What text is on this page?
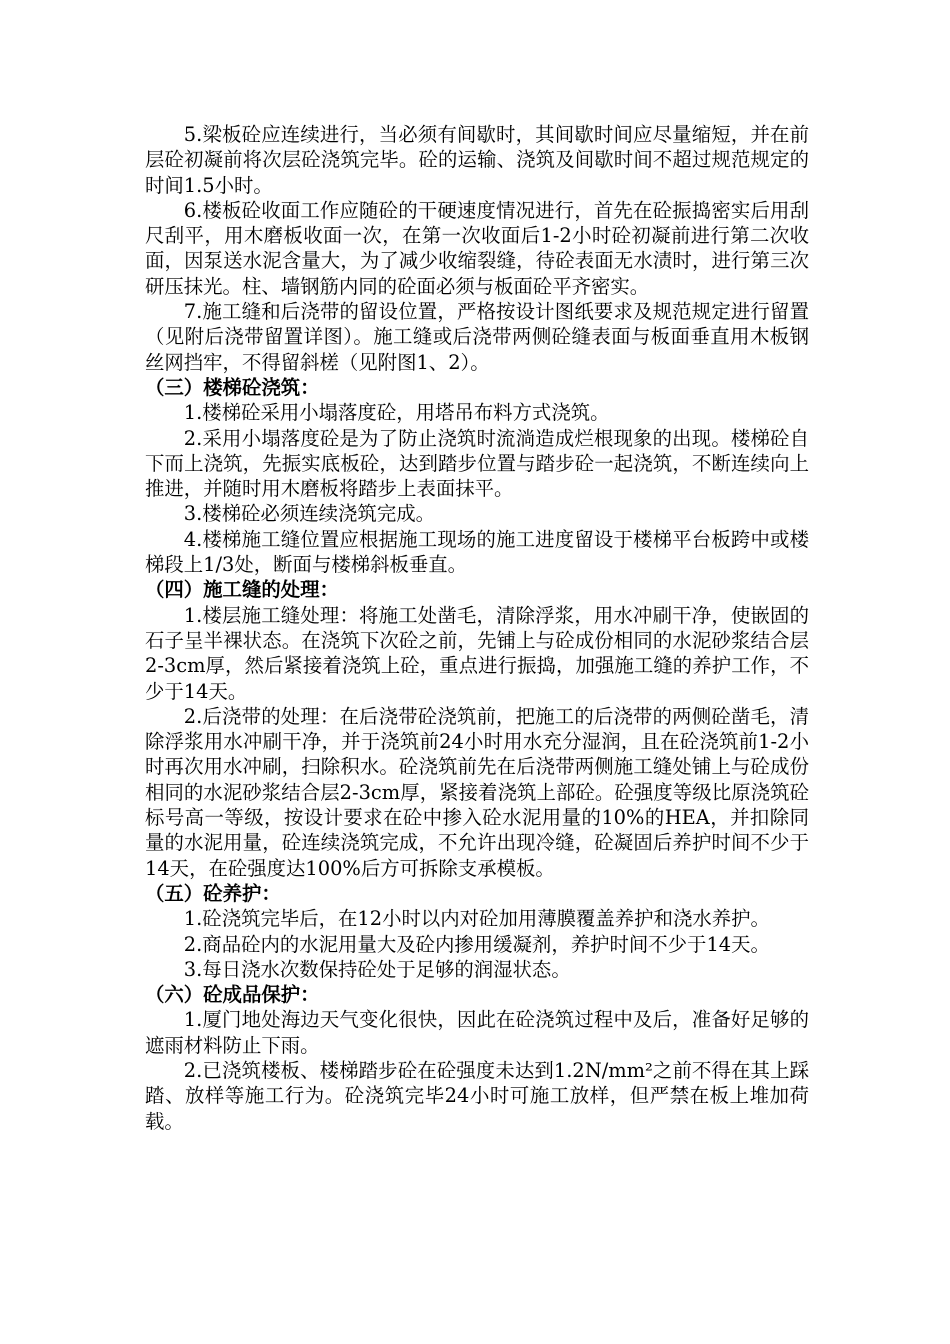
5.梁板砼应连续进行，当必须有间歇时，其间歇时间应尽量缩短，并在前层砼初凝前将次层砼浇筑完毕。砼的运输、浇筑及间歇时间不超过规范规定的时间1.5小时。

6.楼板砼收面工作应随砼的干硬速度情况进行，首先在砼振捣密实后用刮尺刮平，用木磨板收面一次，在第一次收面后1-2小时砼初凝前进行第二次收面，因泵送水泥含量大，为了减少收缩裂缝，待砼表面无水渍时，进行第三次研压抹光。柱、墙钢筋内同的砼面必须与板面砼平齐密实。

7.施工缝和后浇带的留设位置，严格按设计图纸要求及规范规定进行留置（见附后浇带留置详图）。施工缝或后浇带两侧砼缝表面与板面垂直用木板钢丝网挡牢，不得留斜槎（见附图1、2）。

（三）楼梯砼浇筑：

1.楼梯砼采用小塌落度砼，用塔吊布料方式浇筑。

2.采用小塌落度砼是为了防止浇筑时流淌造成烂根现象的出现。楼梯砼自下而上浇筑，先振实底板砼，达到踏步位置与踏步砼一起浇筑，不断连续向上推进，并随时用木磨板将踏步上表面抹平。

3.楼梯砼必须连续浇筑完成。

4.楼梯施工缝位置应根据施工现场的施工进度留设于楼梯平台板跨中或楼梯段上1/3处，断面与楼梯斜板垂直。

（四）施工缝的处理：

1.楼层施工缝处理：将施工处凿毛，清除浮浆，用水冲刷干净，使嵌固的石子呈半裸状态。在浇筑下次砼之前，先铺上与砼成份相同的水泥砂浆结合层2-3cm厚，然后紧接着浇筑上砼，重点进行振捣，加强施工缝的养护工作，不少于14天。

2.后浇带的处理：在后浇带砼浇筑前，把施工的后浇带的两侧砼凿毛，清除浮浆用水冲刷干净，并于浇筑前24小时用水充分湿润，且在砼浇筑前1-2小时再次用水冲刷，扫除积水。砼浇筑前先在后浇带两侧施工缝处铺上与砼成份相同的水泥砂浆结合层2-3cm厚，紧接着浇筑上部砼。砼强度等级比原浇筑砼标号高一等级，按设计要求在砼中掺入砼水泥用量的10%的HEA，并扣除同量的水泥用量，砼连续浇筑完成，不允许出现冷缝，砼凝固后养护时间不少于14天，在砼强度达100%后方可拆除支承模板。

（五）砼养护：

1.砼浇筑完毕后，在12小时以内对砼加用薄膜覆盖养护和浇水养护。

2.商品砼内的水泥用量大及砼内掺用缓凝剂，养护时间不少于14天。

3.每日浇水次数保持砼处于足够的润湿状态。

（六）砼成品保护：

1.厦门地处海边天气变化很快，因此在砼浇筑过程中及后，准备好足够的遮雨材料防止下雨。

2.已浇筑楼板、楼梯踏步砼在砼强度未达到1.2N/mm²之前不得在其上踩踏、放样等施工行为。砼浇筑完毕24小时可施工放样，但严禁在板上堆加荷载。
